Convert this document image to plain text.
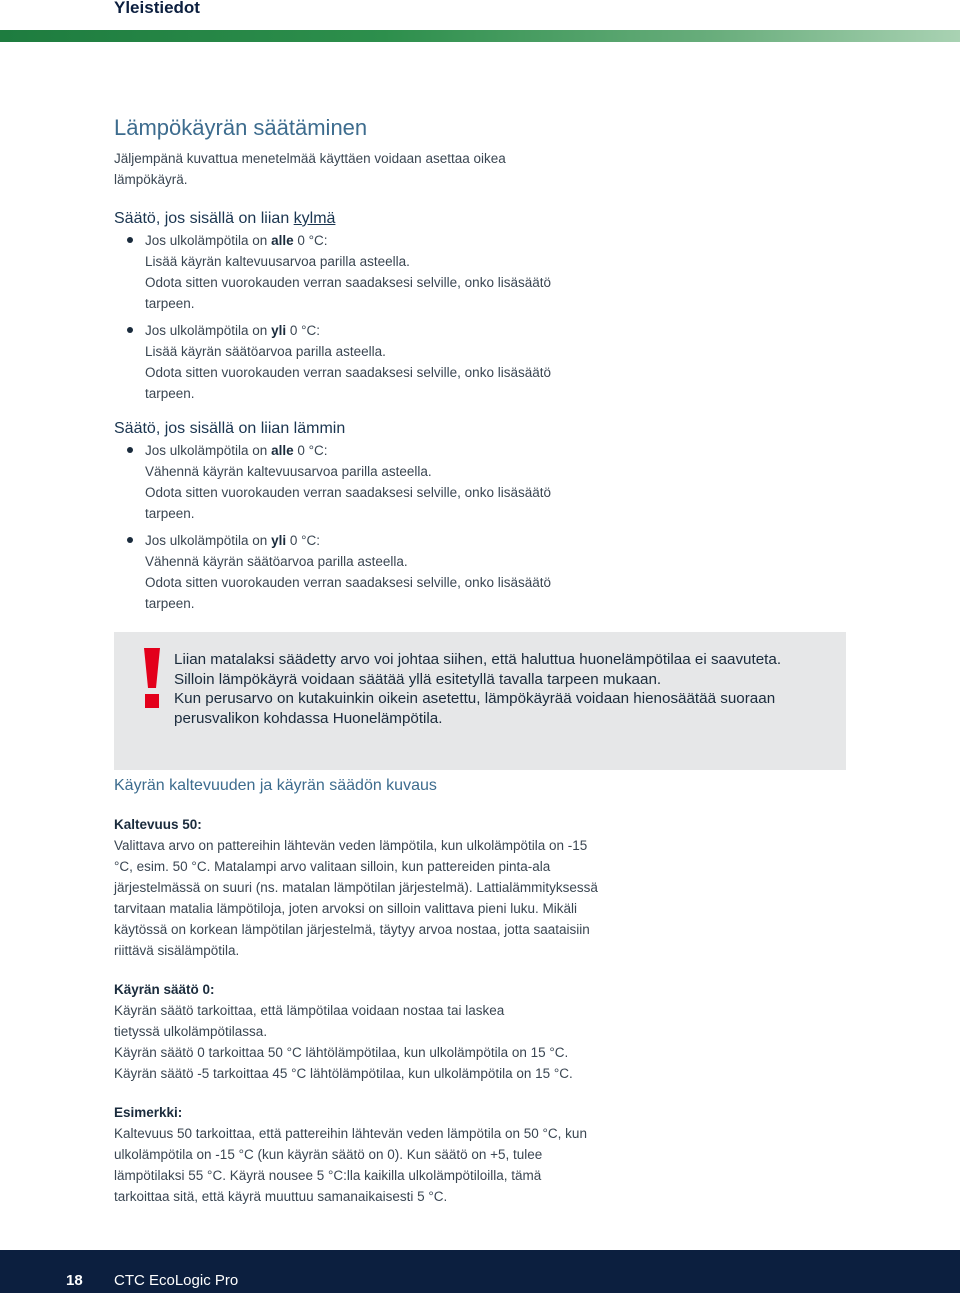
Yleistiedot
Lämpökäyrän säätäminen

Jäljempänä kuvattua menetelmää käyttäen voidaan asettaa oikea lämpökäyrä.

Säätö, jos sisällä on liian kylmä
Jos ulkolämpötila on alle 0 °C:
Lisää käyrän kaltevuusarvoa parilla asteella.
Odota sitten vuorokauden verran saadaksesi selville, onko lisäsäätö tarpeen.
Jos ulkolämpötila on yli 0 °C:
Lisää käyrän säätöarvoa parilla asteella.
Odota sitten vuorokauden verran saadaksesi selville, onko lisäsäätö tarpeen.
Säätö, jos sisällä on liian lämmin
Jos ulkolämpötila on alle 0 °C:
Vähennä käyrän kaltevuusarvoa parilla asteella.
Odota sitten vuorokauden verran saadaksesi selville, onko lisäsäätö tarpeen.
Jos ulkolämpötila on yli 0 °C:
Vähennä käyrän säätöarvoa parilla asteella.
Odota sitten vuorokauden verran saadaksesi selville, onko lisäsäätö tarpeen.

Liian matalaksi säädetty arvo voi johtaa siihen, että haluttua huonelämpötilaa ei saavuteta. Silloin lämpökäyrä voidaan säätää yllä esitetyllä tavalla tarpeen mukaan.

Kun perusarvo on kutakuinkin oikein asetettu, lämpökäyrää voidaan hienosäätää suoraan perusvalikon kohdassa Huonelämpötila.

Käyrän kaltevuuden ja käyrän säädön kuvaus
Kaltevuus 50:

Valittava arvo on pattereihin lähtevän veden lämpötila, kun ulkolämpötila on -15 °C, esim. 50 °C. Matalampi arvo valitaan silloin, kun pattereiden pinta-ala järjestelmässä on suuri (ns. matalan lämpötilan järjestelmä). Lattialämmityksessä tarvitaan matalia lämpötiloja, joten arvoksi on silloin valittava pieni luku. Mikäli käytössä on korkean lämpötilan järjestelmä, täytyy arvoa nostaa, jotta saataisiin riittävä sisälämpötila.

Käyrän säätö 0:

Käyrän säätö tarkoittaa, että lämpötilaa voidaan nostaa tai laskea tietyssä ulkolämpötilassa.

Käyrän säätö 0 tarkoittaa 50 °C lähtölämpötilaa, kun ulkolämpötila on 15 °C.

Käyrän säätö -5 tarkoittaa 45 °C lähtölämpötilaa, kun ulkolämpötila on 15 °C.

Esimerkki:

Kaltevuus 50 tarkoittaa, että pattereihin lähtevän veden lämpötila on 50 °C, kun ulkolämpötila on -15 °C (kun käyrän säätö on 0). Kun säätö on +5, tulee lämpötilaksi 55 °C. Käyrä nousee 5 °C:lla kaikilla ulkolämpötiloilla, tämä tarkoittaa sitä, että käyrä muuttuu samanaikaisesti 5 °C.

18 CTC EcoLogic Pro
